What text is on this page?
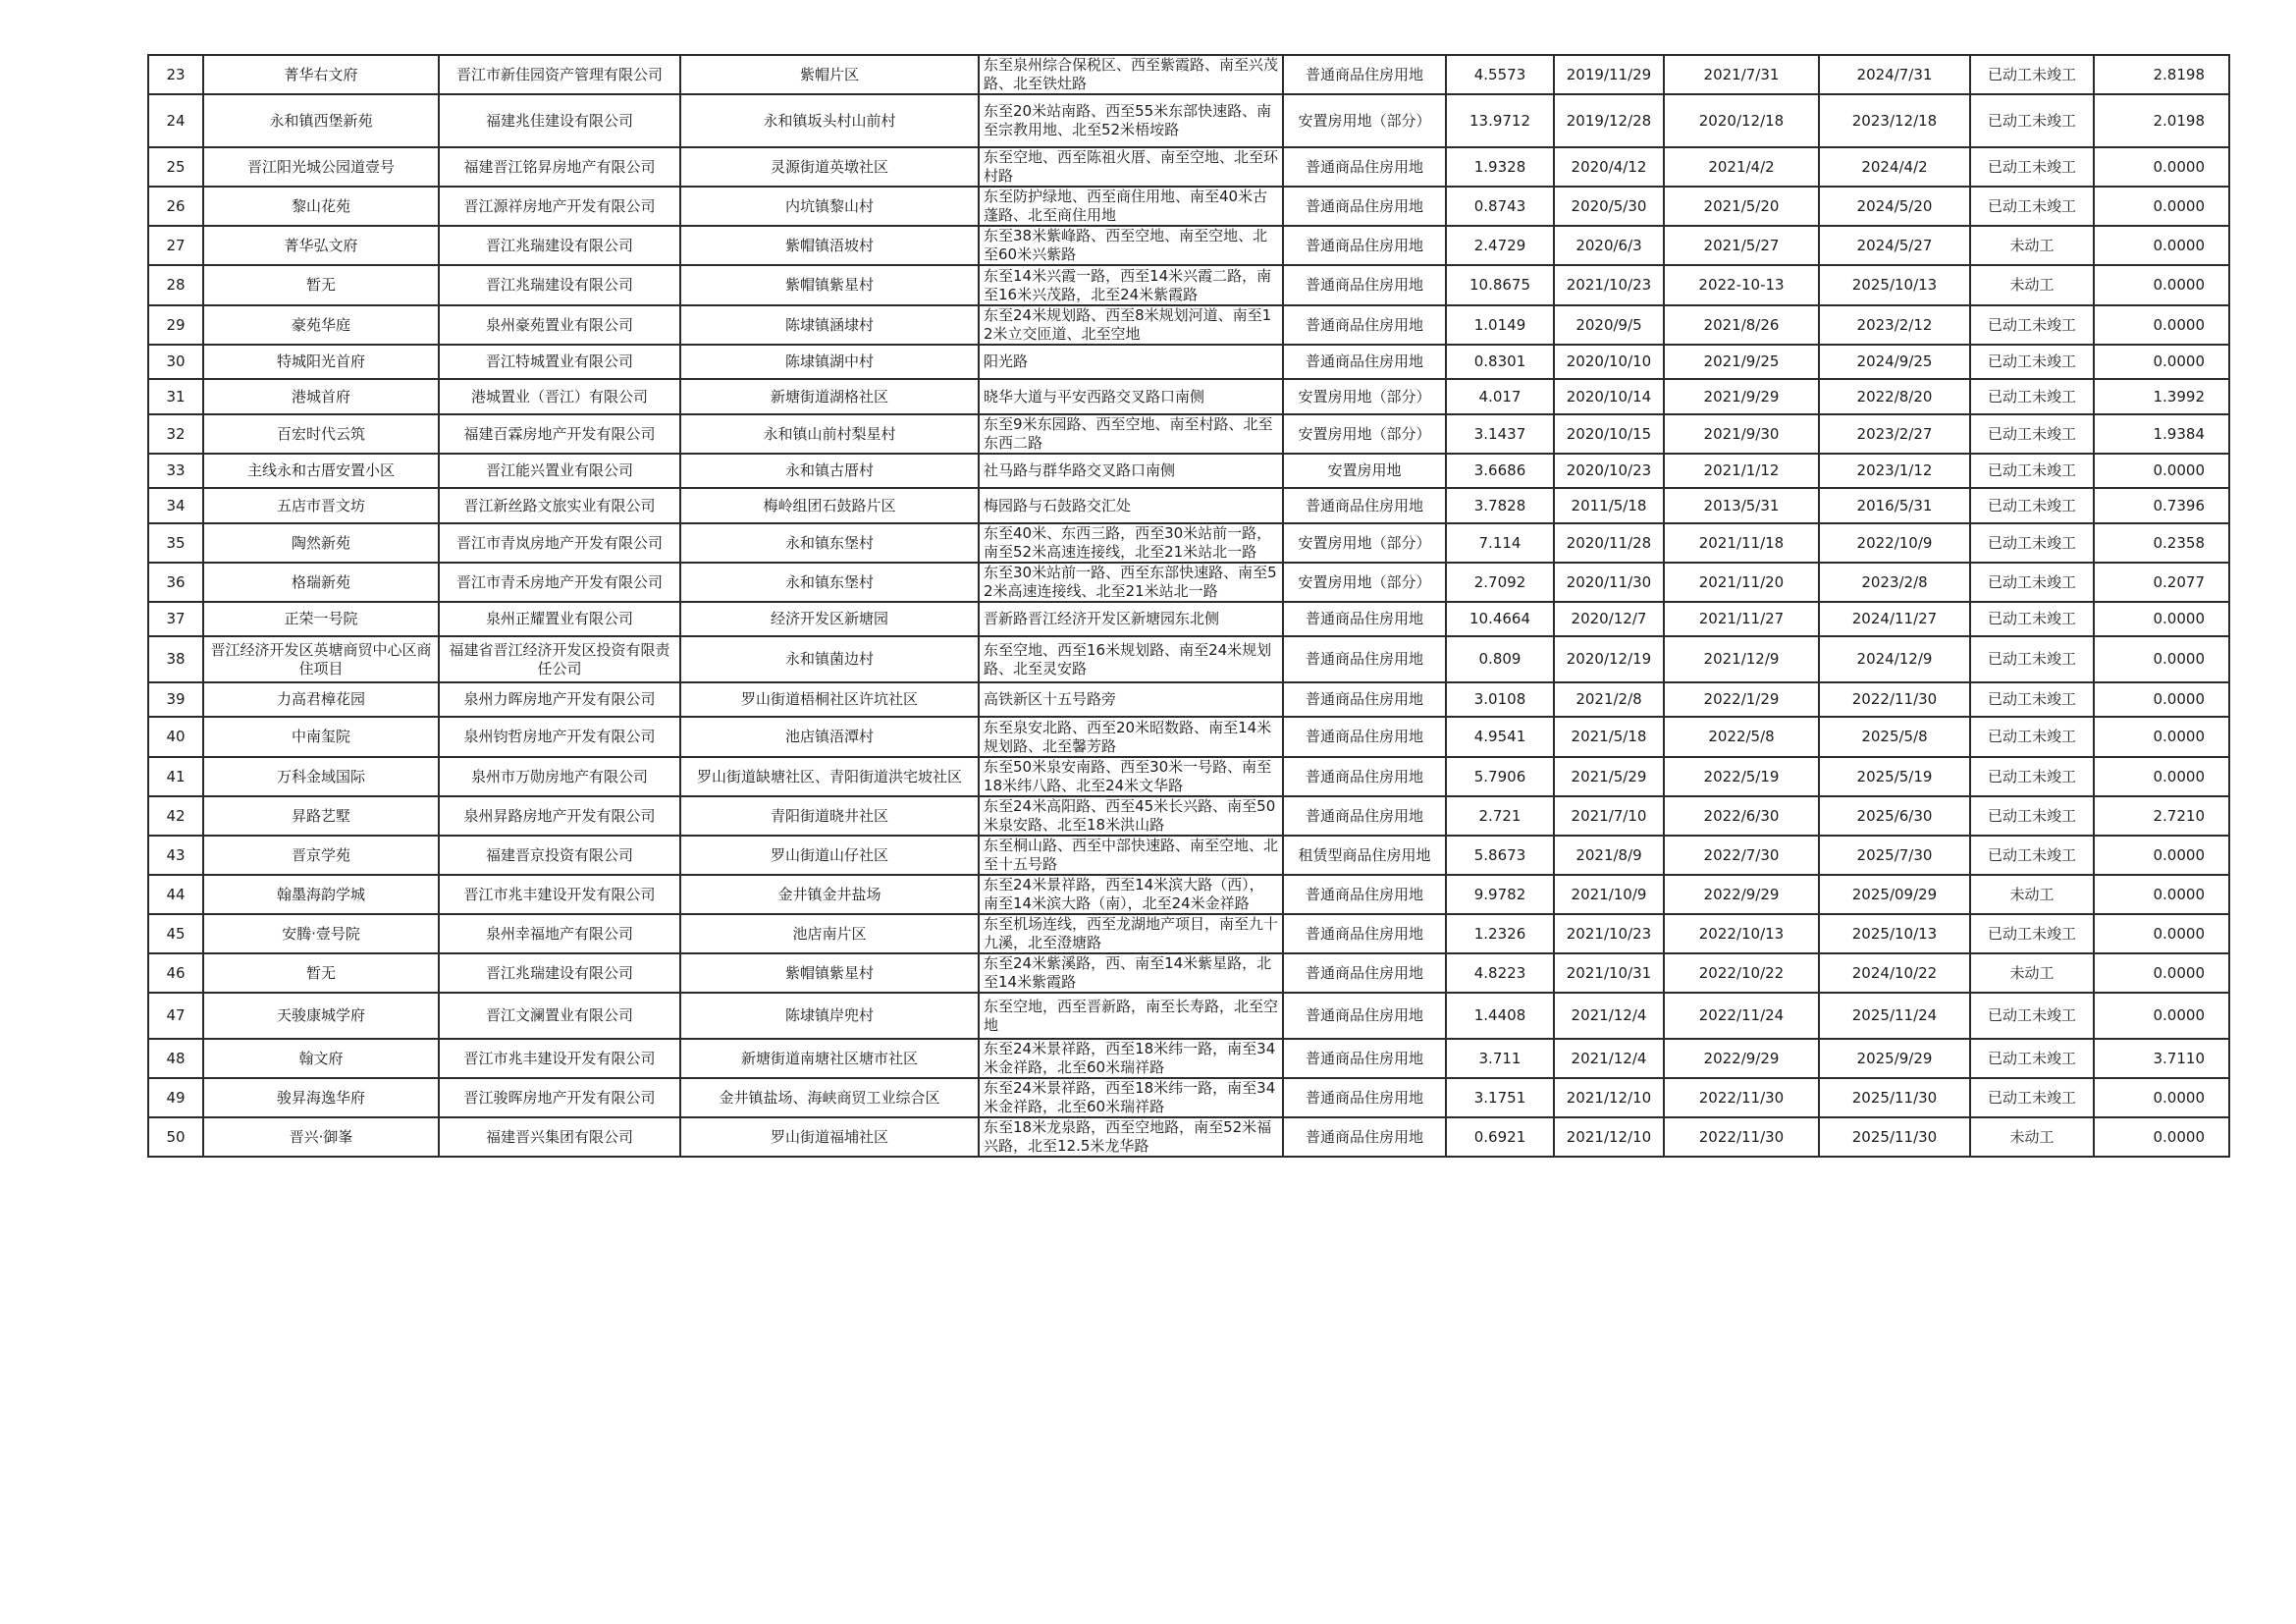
23	菁华右文府	晋江市新佳园资产管理有限公司	紫帽片区	东至泉州综合保税区、西至紫霞路、南至兴茂路、北至铁灶路	普通商品住房用地	4.5573	2019/11/29	2021/7/31	2024/7/31	已动工未竣工	2.8198

24	永和镇西堡新苑	福建兆佳建设有限公司	永和镇坂头村山前村	东至20米站南路、西至55米东部快速路、南至宗教用地、北至52米梧垵路	安置房用地（部分）	13.9712	2019/12/28	2020/12/18	2023/12/18	已动工未竣工	2.0198

25	晋江阳光城公园道壹号	福建晋江铭昇房地产有限公司	灵源街道英墩社区	东至空地、西至陈祖火厝、南至空地、北至环村路	普通商品住房用地	1.9328	2020/4/12	2021/4/2	2024/4/2	已动工未竣工	0.0000

26	黎山花苑	晋江源祥房地产开发有限公司	内坑镇黎山村	东至防护绿地、西至商住用地、南至40米古蓬路、北至商住用地	普通商品住房用地	0.8743	2020/5/30	2021/5/20	2024/5/20	已动工未竣工	0.0000

27	菁华弘文府	晋江兆瑞建设有限公司	紫帽镇浯坡村	东至38米紫峰路、西至空地、南至空地、北至60米兴紫路	普通商品住房用地	2.4729	2020/6/3	2021/5/27	2024/5/27	未动工	0.0000

28	暂无	晋江兆瑞建设有限公司	紫帽镇紫星村	东至14米兴霞一路，西至14米兴霞二路，南至16米兴茂路，北至24米紫霞路	普通商品住房用地	10.8675	2021/10/23	2022-10-13	2025/10/13	未动工	0.0000

29	豪苑华庭	泉州豪苑置业有限公司	陈埭镇涵埭村	东至24米规划路、西至8米规划河道、南至12米立交匝道、北至空地	普通商品住房用地	1.0149	2020/9/5	2021/8/26	2023/2/12	已动工未竣工	0.0000

30	特城阳光首府	晋江特城置业有限公司	陈埭镇湖中村	阳光路	普通商品住房用地	0.8301	2020/10/10	2021/9/25	2024/9/25	已动工未竣工	0.0000

31	港城首府	港城置业（晋江）有限公司	新塘街道湖格社区	晓华大道与平安西路交叉路口南侧	安置房用地（部分）	4.017	2020/10/14	2021/9/29	2022/8/20	已动工未竣工	1.3992

32	百宏时代云筑	福建百霖房地产开发有限公司	永和镇山前村梨星村	东至9米东园路、西至空地、南至村路、北至东西二路	安置房用地（部分）	3.1437	2020/10/15	2021/9/30	2023/2/27	已动工未竣工	1.9384

33	主线永和古厝安置小区	晋江能兴置业有限公司	永和镇古厝村	社马路与群华路交叉路口南侧	安置房用地	3.6686	2020/10/23	2021/1/12	2023/1/12	已动工未竣工	0.0000

34	五店市晋文坊	晋江新丝路文旅实业有限公司	梅岭组团石鼓路片区	梅园路与石鼓路交汇处	普通商品住房用地	3.7828	2011/5/18	2013/5/31	2016/5/31	已动工未竣工	0.7396

35	陶然新苑	晋江市青岚房地产开发有限公司	永和镇东堡村	东至40米、东西三路，西至30米站前一路，南至52米高速连接线，北至21米站北一路	安置房用地（部分）	7.114	2020/11/28	2021/11/18	2022/10/9	已动工未竣工	0.2358

36	格瑞新苑	晋江市青禾房地产开发有限公司	永和镇东堡村	东至30米站前一路、西至东部快速路、南至52米高速连接线、北至21米站北一路	安置房用地（部分）	2.7092	2020/11/30	2021/11/20	2023/2/8	已动工未竣工	0.2077

37	正荣一号院	泉州正耀置业有限公司	经济开发区新塘园	晋新路晋江经济开发区新塘园东北侧	普通商品住房用地	10.4664	2020/12/7	2021/11/27	2024/11/27	已动工未竣工	0.0000

38	晋江经济开发区英塘商贸中心区商住项目	福建省晋江经济开发区投资有限责任公司	永和镇菌边村	东至空地、西至16米规划路、南至24米规划路、北至灵安路	普通商品住房用地	0.809	2020/12/19	2021/12/9	2024/12/9	已动工未竣工	0.0000

39	力高君樟花园	泉州力晖房地产开发有限公司	罗山街道梧桐社区许坑社区	高铁新区十五号路旁	普通商品住房用地	3.0108	2021/2/8	2022/1/29	2022/11/30	已动工未竣工	0.0000

40	中南玺院	泉州钧哲房地产开发有限公司	池店镇浯潭村	东至泉安北路、西至20米昭数路、南至14米规划路、北至馨芳路	普通商品住房用地	4.9541	2021/5/18	2022/5/8	2025/5/8	已动工未竣工	0.0000

41	万科金域国际	泉州市万勋房地产有限公司	罗山街道缺塘社区、青阳街道洪宅坡社区	东至50米泉安南路、西至30米一号路、南至18米纬八路、北至24米文华路	普通商品住房用地	5.7906	2021/5/29	2022/5/19	2025/5/19	已动工未竣工	0.0000

42	昇路艺墅	泉州昇路房地产开发有限公司	青阳街道晓井社区	东至24米高阳路、西至45米长兴路、南至50米泉安路、北至18米洪山路	普通商品住房用地	2.721	2021/7/10	2022/6/30	2025/6/30	已动工未竣工	2.7210

43	晋京学苑	福建晋京投资有限公司	罗山街道山仔社区	东至桐山路、西至中部快速路、南至空地、北至十五号路	租赁型商品住房用地	5.8673	2021/8/9	2022/7/30	2025/7/30	已动工未竣工	0.0000

44	翰墨海韵学城	晋江市兆丰建设开发有限公司	金井镇金井盐场	东至24米景祥路，西至14米滨大路（西），南至14米滨大路（南），北至24米金祥路	普通商品住房用地	9.9782	2021/10/9	2022/9/29	2025/09/29	未动工	0.0000

45	安腾·壹号院	泉州幸福地产有限公司	池店南片区	东至机场连线，西至龙湖地产项目，南至九十九溪，北至澄塘路	普通商品住房用地	1.2326	2021/10/23	2022/10/13	2025/10/13	已动工未竣工	0.0000

46	暂无	晋江兆瑞建设有限公司	紫帽镇紫星村	东至24米紫溪路，西、南至14米紫星路，北至14米紫霞路	普通商品住房用地	4.8223	2021/10/31	2022/10/22	2024/10/22	未动工	0.0000

47	天骏康城学府	晋江文澜置业有限公司	陈埭镇岸兜村	东至空地，西至晋新路，南至长寿路，北至空地	普通商品住房用地	1.4408	2021/12/4	2022/11/24	2025/11/24	已动工未竣工	0.0000

48	翰文府	晋江市兆丰建设开发有限公司	新塘街道南塘社区塘市社区	东至24米景祥路，西至18米纬一路，南至34米金祥路，北至60米瑞祥路	普通商品住房用地	3.711	2021/12/4	2022/9/29	2025/9/29	已动工未竣工	3.7110

49	骏昇海逸华府	晋江骏晖房地产开发有限公司	金井镇盐场、海峡商贸工业综合区	东至24米景祥路，西至18米纬一路，南至34米金祥路，北至60米瑞祥路	普通商品住房用地	3.1751	2021/12/10	2022/11/30	2025/11/30	已动工未竣工	0.0000

50	晋兴·御峯	福建晋兴集团有限公司	罗山街道福埔社区	东至18米龙泉路，西至空地路，南至52米福兴路，北至12.5米龙华路	普通商品住房用地	0.6921	2021/12/10	2022/11/30	2025/11/30	未动工	0.0000
